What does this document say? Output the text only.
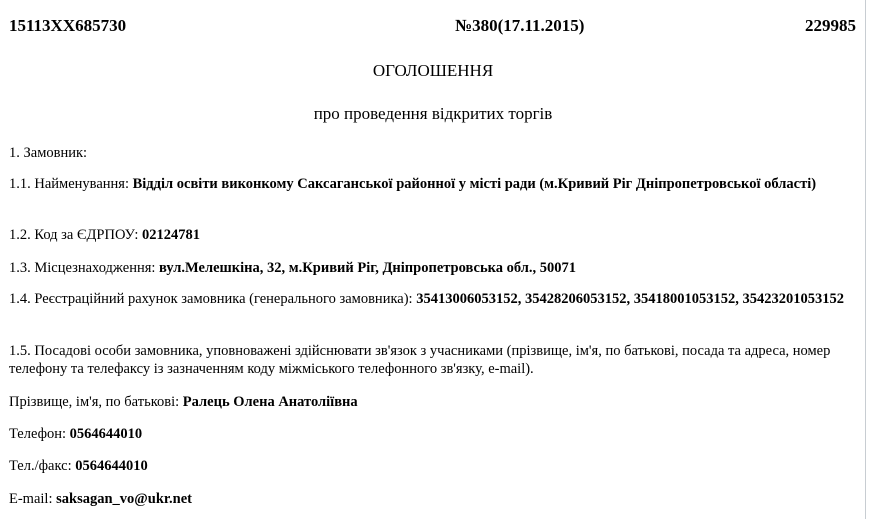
15113XX685730	№380(17.11.2015)	229985
ОГОЛОШЕННЯ
про проведення відкритих торгів
1. Замовник:
1.1. Найменування: Відділ освіти виконкому Саксаганської районної у місті ради (м.Кривий Ріг Дніпропетровської області)
1.2. Код за ЄДРПОУ: 02124781
1.3. Місцезнаходження: вул.Мелешкіна, 32, м.Кривий Ріг, Дніпропетровська обл., 50071
1.4. Реєстраційний рахунок замовника (генерального замовника): 35413006053152, 35428206053152, 35418001053152, 35423201053152
1.5. Посадові особи замовника, уповноважені здійснювати зв'язок з учасниками (прізвище, ім'я, по батькові, посада та адреса, номер телефону та телефаксу із зазначенням коду міжміського телефонного зв'язку, e-mail).
Прізвище, ім'я, по батькові: Ралець Олена Анатоліївна
Телефон: 0564644010
Тел./факс: 0564644010
E-mail: saksagan_vo@ukr.net
